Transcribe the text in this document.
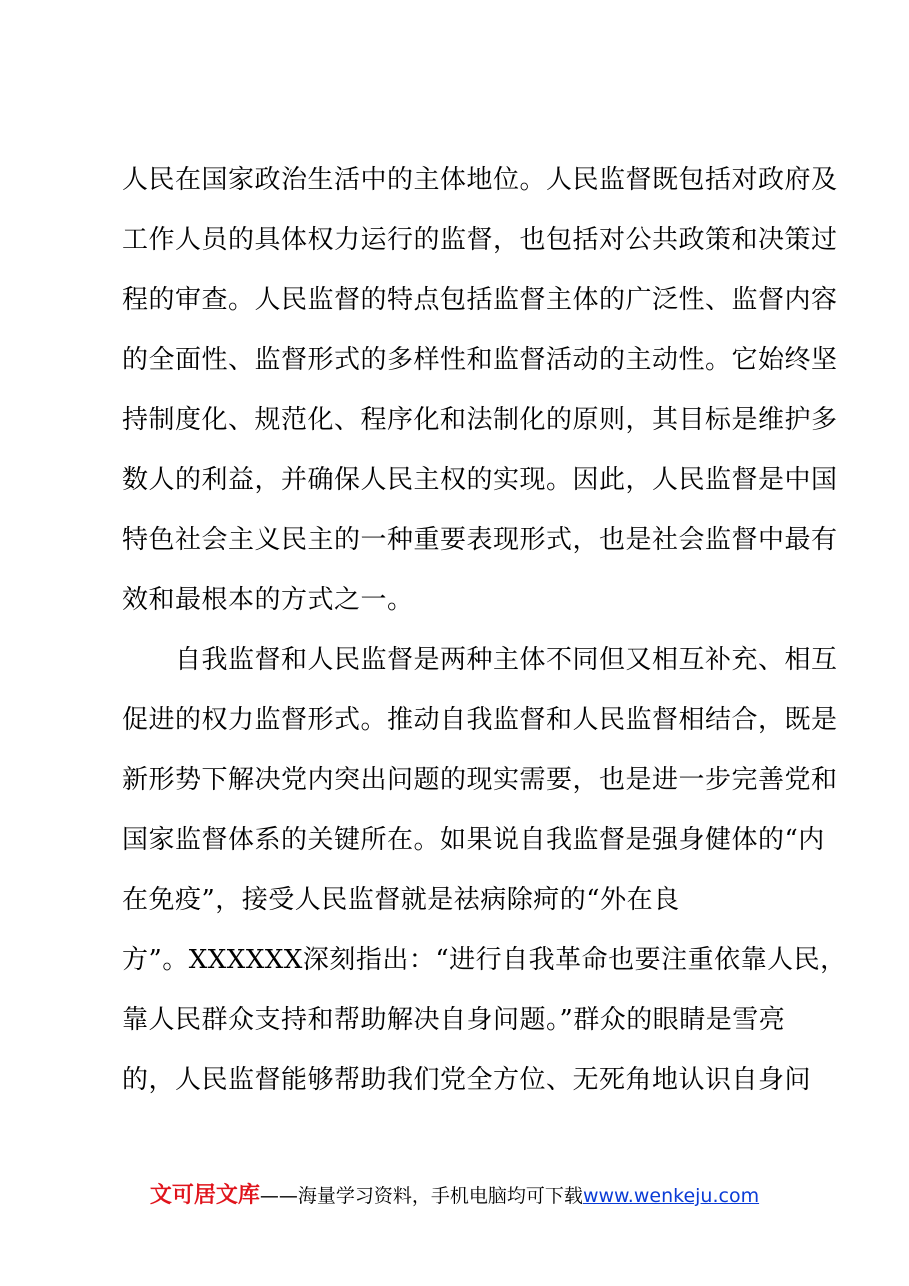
人民在国家政治生活中的主体地位。人民监督既包括对政府及
工作人员的具体权力运行的监督，也包括对公共政策和决策过
程的审查。人民监督的特点包括监督主体的广泛性、监督内容
的全面性、监督形式的多样性和监督活动的主动性。它始终坚
持制度化、规范化、程序化和法制化的原则，其目标是维护多
数人的利益，并确保人民主权的实现。因此，人民监督是中国
特色社会主义民主的一种重要表现形式，也是社会监督中最有
效和最根本的方式之一。
　　自我监督和人民监督是两种主体不同但又相互补充、相互
促进的权力监督形式。推动自我监督和人民监督相结合，既是
新形势下解决党内突出问题的现实需要，也是进一步完善党和
国家监督体系的关键所在。如果说自我监督是强身健体的“内
在免疫”，接受人民监督就是祛病除疴的“外在良
方”。XXXXXX深刻指出：“进行自我革命也要注重依靠人民，
靠人民群众支持和帮助解决自身问题。”群众的眼睛是雪亮
的，人民监督能够帮助我们党全方位、无死角地认识自身问
文可居文库——海量学习资料，手机电脑均可下载www.wenkeju.com
